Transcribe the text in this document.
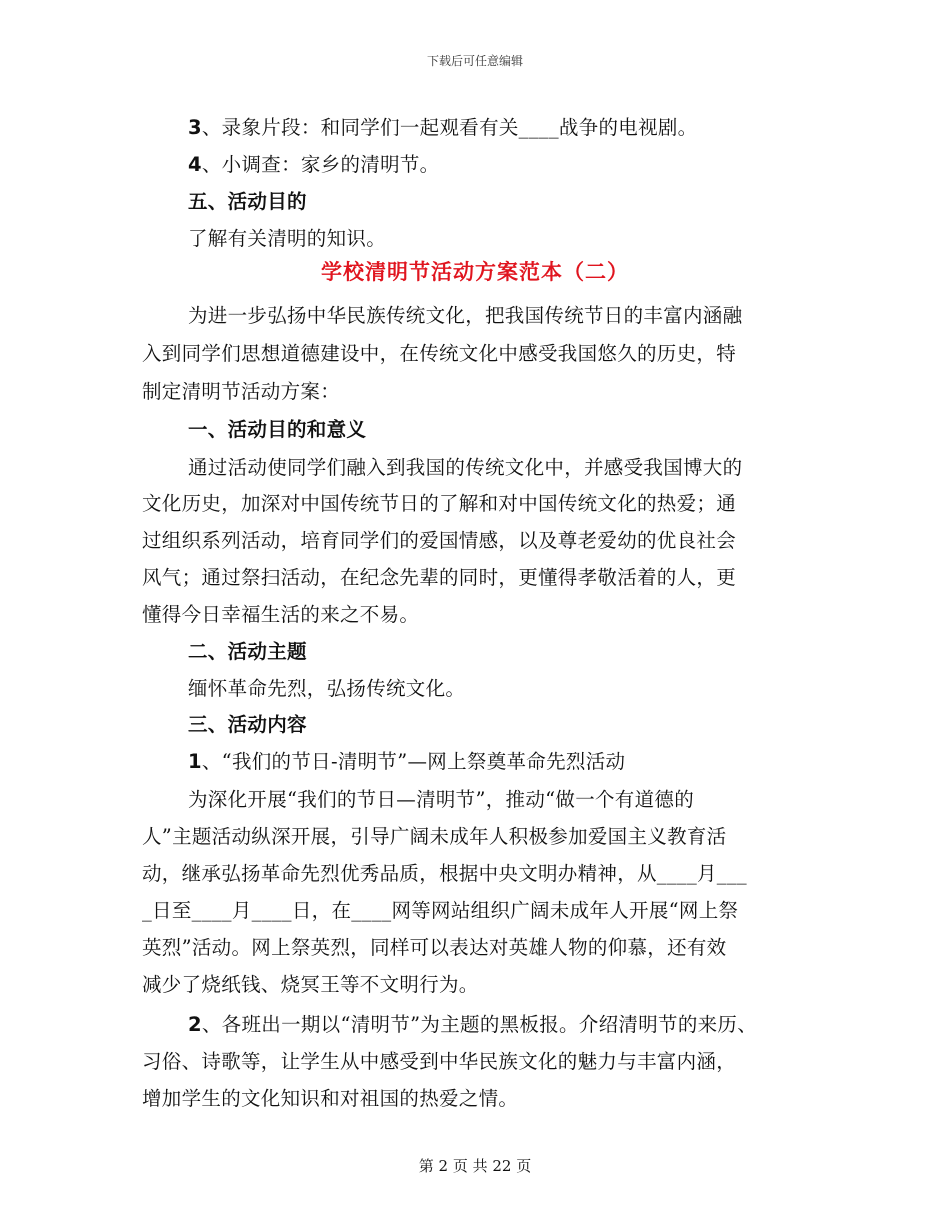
下载后可任意编辑
3、录象片段：和同学们一起观看有关____战争的电视剧。
4、小调查：家乡的清明节。
五、活动目的
了解有关清明的知识。
学校清明节活动方案范本（二）
为进一步弘扬中华民族传统文化，把我国传统节日的丰富内涵融
入到同学们思想道德建设中，在传统文化中感受我国悠久的历史，特
制定清明节活动方案：
一、活动目的和意义
通过活动使同学们融入到我国的传统文化中，并感受我国博大的
文化历史，加深对中国传统节日的了解和对中国传统文化的热爱；通
过组织系列活动，培育同学们的爱国情感，以及尊老爱幼的优良社会
风气；通过祭扫活动，在纪念先辈的同时，更懂得孝敬活着的人，更
懂得今日幸福生活的来之不易。
二、活动主题
缅怀革命先烈，弘扬传统文化。
三、活动内容
1、“我们的节日-清明节”—网上祭奠革命先烈活动
为深化开展“我们的节日—清明节”，推动“做一个有道德的
人”主题活动纵深开展，引导广阔未成年人积极参加爱国主义教育活
动，继承弘扬革命先烈优秀品质，根据中央文明办精神，从____月___
_日至____月____日，在____网等网站组织广阔未成年人开展“网上祭
英烈”活动。网上祭英烈，同样可以表达对英雄人物的仰慕，还有效
减少了烧纸钱、烧冥王等不文明行为。
2、各班出一期以“清明节”为主题的黑板报。介绍清明节的来历、
习俗、诗歌等，让学生从中感受到中华民族文化的魅力与丰富内涵，
增加学生的文化知识和对祖国的热爱之情。
第 2 页 共 22 页
